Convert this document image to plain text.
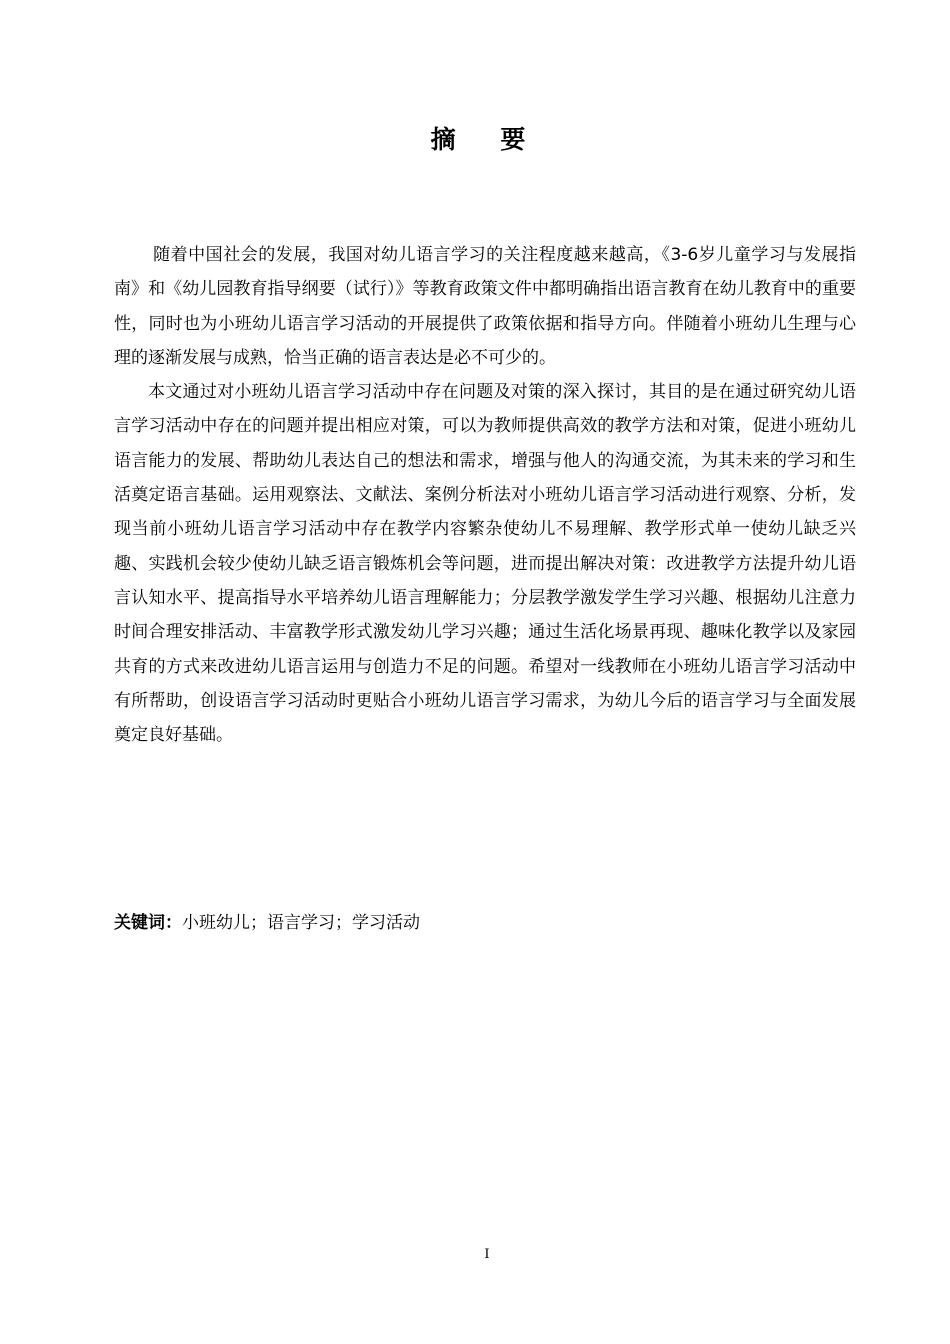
摘 要

随着中国社会的发展，我国对幼儿语言学习的关注程度越来越高，《3-6岁儿童学习与发展指南》和《幼儿园教育指导纲要（试行）》等教育政策文件中都明确指出语言教育在幼儿教育中的重要性，同时也为小班幼儿语言学习活动的开展提供了政策依据和指导方向。伴随着小班幼儿生理与心理的逐渐发展与成熟，恰当正确的语言表达是必不可少的。

本文通过对小班幼儿语言学习活动中存在问题及对策的深入探讨，其目的是在通过研究幼儿语言学习活动中存在的问题并提出相应对策，可以为教师提供高效的教学方法和对策，促进小班幼儿语言能力的发展、帮助幼儿表达自己的想法和需求，增强与他人的沟通交流，为其未来的学习和生活奠定语言基础。运用观察法、文献法、案例分析法对小班幼儿语言学习活动进行观察、分析，发现当前小班幼儿语言学习活动中存在教学内容繁杂使幼儿不易理解、教学形式单一使幼儿缺乏兴趣、实践机会较少使幼儿缺乏语言锻炼机会等问题，进而提出解决对策：改进教学方法提升幼儿语言认知水平、提高指导水平培养幼儿语言理解能力；分层教学激发学生学习兴趣、根据幼儿注意力时间合理安排活动、丰富教学形式激发幼儿学习兴趣；通过生活化场景再现、趣味化教学以及家园共育的方式来改进幼儿语言运用与创造力不足的问题。希望对一线教师在小班幼儿语言学习活动中有所帮助，创设语言学习活动时更贴合小班幼儿语言学习需求，为幼儿今后的语言学习与全面发展奠定良好基础。

关键词：小班幼儿；语言学习；学习活动
I
